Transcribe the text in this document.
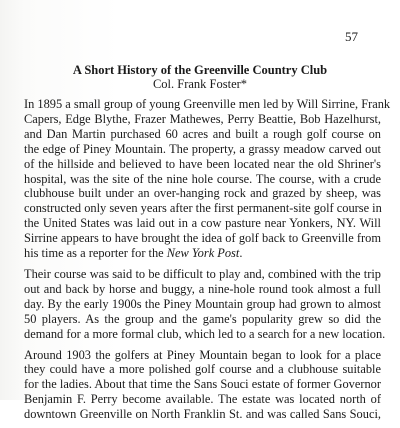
57
A Short History of the Greenville Country Club
Col. Frank Foster*
In 1895 a small group of young Greenville men led by Will Sirrine, Frank
Capers, Edge Blythe, Frazer Mathewes, Perry Beattie, Bob Hazelhurst,
and Dan Martin purchased 60 acres and built a rough golf course on
the edge of Piney Mountain. The property, a grassy meadow carved out
of the hillside and believed to have been located near the old Shriner's
hospital, was the site of the nine hole course. The course, with a crude
clubhouse built under an over-hanging rock and grazed by sheep, was
constructed only seven years after the first permanent-site golf course in
the United States was laid out in a cow pasture near Yonkers, NY. Will
Sirrine appears to have brought the idea of golf back to Greenville from
his time as a reporter for the New York Post.
Their course was said to be difficult to play and, combined with the trip
out and back by horse and buggy, a nine-hole round took almost a full
day. By the early 1900s the Piney Mountain group had grown to almost
50 players. As the group and the game's popularity grew so did the
demand for a more formal club, which led to a search for a new location.
Around 1903 the golfers at Piney Mountain began to look for a place
they could have a more polished golf course and a clubhouse suitable
for the ladies. About that time the Sans Souci estate of former Governor
Benjamin F. Perry become available. The estate was located north of
downtown Greenville on North Franklin St. and was called Sans Souci,
